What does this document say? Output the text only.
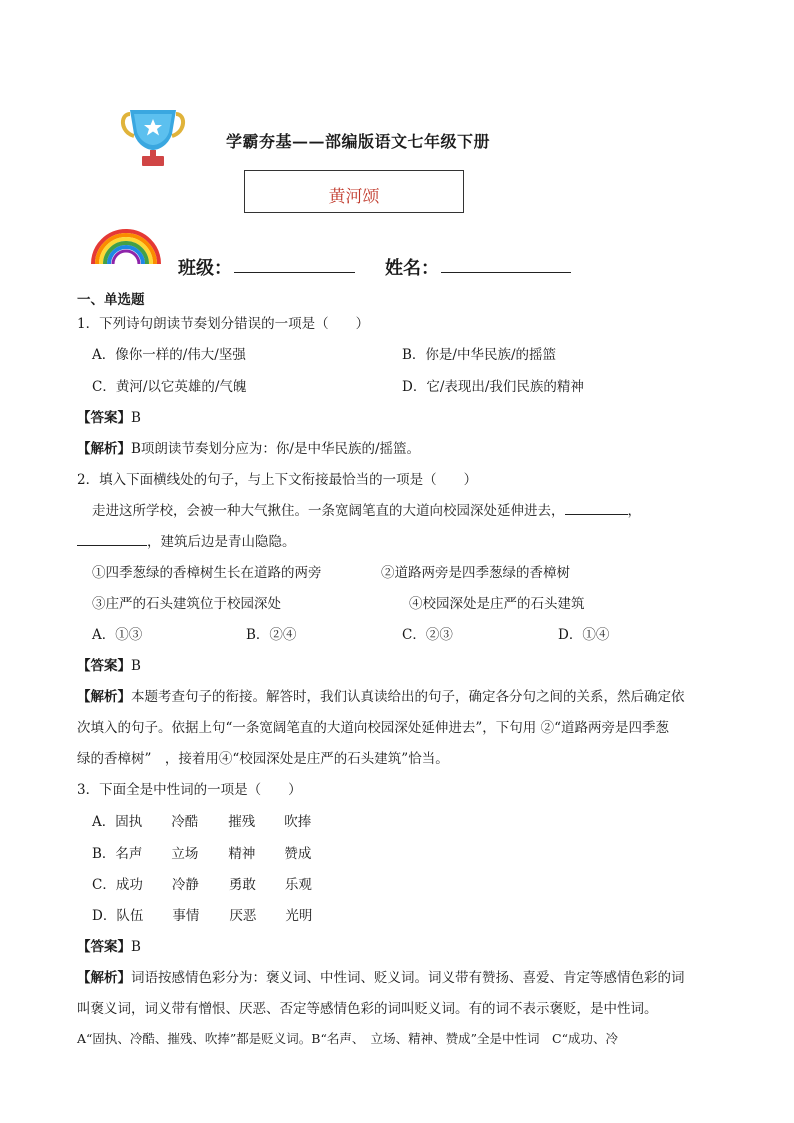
学霸夯基——部编版语文七年级下册
黄河颂
班级：	姓名：
一、单选题
1．下列诗句朗读节奏划分错误的一项是（　　）
A．像你一样的/伟大/坚强	B．你是/中华民族/的摇篮
C．黄河/以它英雄的/气魄	D．它/表现出/我们民族的精神
【答案】B
【解析】B项朗读节奏划分应为：你/是中华民族的/摇篮。
2．填入下面横线处的句子，与上下文衔接最恰当的一项是（　　）
走进这所学校，会被一种大气揪住。一条宽阔笔直的大道向校园深处延伸进去，	，
，建筑后边是青山隐隐。
①四季葱绿的香樟树生长在道路的两旁	②道路两旁是四季葱绿的香樟树
③庄严的石头建筑位于校园深处	④校园深处是庄严的石头建筑
A．①③	B．②④	C．②③	D．①④
【答案】B
【解析】本题考查句子的衔接。解答时，我们认真读给出的句子，确定各分句之间的关系，然后确定依
次填入的句子。依据上句“一条宽阔笔直的大道向校园深处延伸进去”，下句用 ②“道路两旁是四季葱
绿的香樟树”　，接着用④“校园深处是庄严的石头建筑”恰当。
3．下面全是中性词的一项是（　　）
A．固执 冷酷 摧残 吹捧
B．名声 立场 精神 赞成
C．成功 冷静 勇敢 乐观
D．队伍 事情 厌恶 光明
【答案】B
【解析】词语按感情色彩分为：褒义词、中性词、贬义词。词义带有赞扬、喜爱、肯定等感情色彩的词
叫褒义词，词义带有憎恨、厌恶、否定等感情色彩的词叫贬义词。有的词不表示褒贬，是中性词。
A“固执、冷酷、摧残、吹捧”都是贬义词。B“名声、　立场、精神、赞成”全是中性词　C“成功、冷
